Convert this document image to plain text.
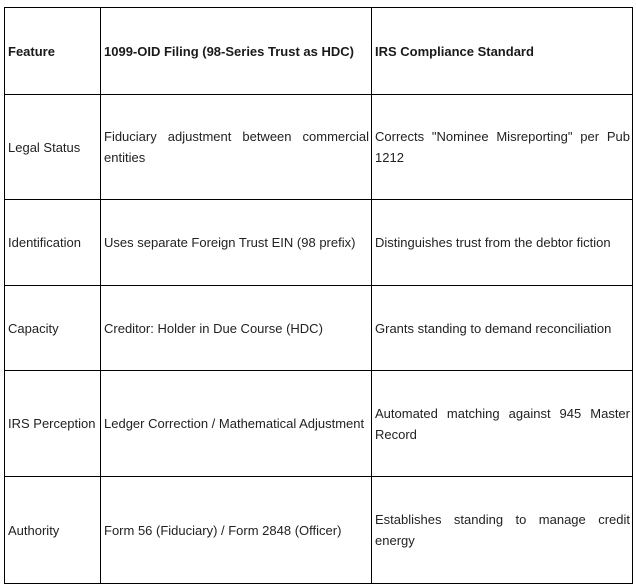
Feature	1099-OID Filing (98-Series Trust as HDC)	IRS Compliance Standard

Legal Status	Fiduciary adjustment between commercial entities	Corrects "Nominee Misreporting" per Pub 1212

Identification	Uses separate Foreign Trust EIN (98 prefix)	Distinguishes trust from the debtor fiction

Capacity	Creditor: Holder in Due Course (HDC)	Grants standing to demand reconciliation

IRS Perception	Ledger Correction / Mathematical Adjustment	Automated matching against 945 Master Record

Authority	Form 56 (Fiduciary) / Form 2848 (Officer)	Establishes standing to manage credit energy
